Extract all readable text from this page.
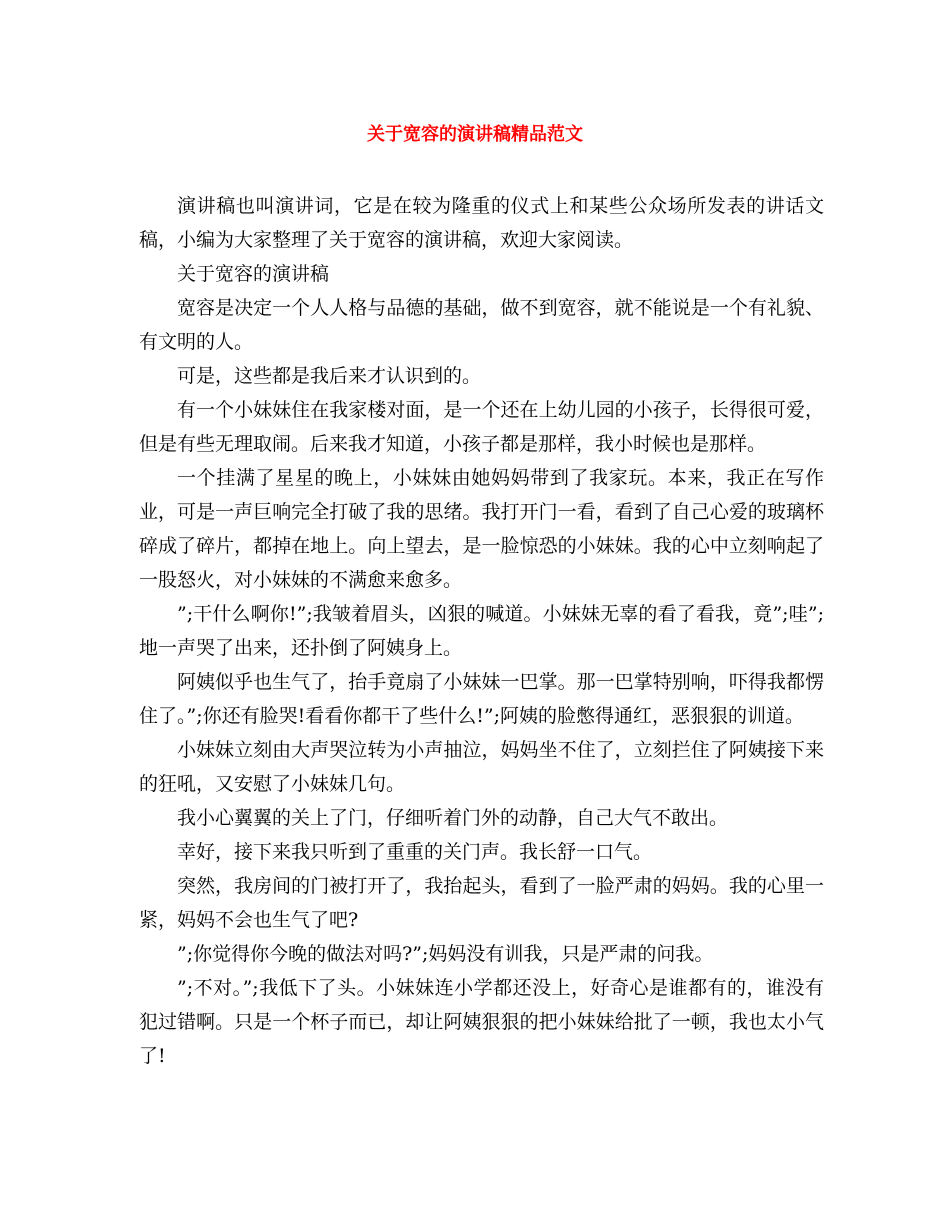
关于宽容的演讲稿精品范文

演讲稿也叫演讲词，它是在较为隆重的仪式上和某些公众场所发表的讲话文稿，小编为大家整理了关于宽容的演讲稿，欢迎大家阅读。

关于宽容的演讲稿

宽容是决定一个人人格与品德的基础，做不到宽容，就不能说是一个有礼貌、有文明的人。

可是，这些都是我后来才认识到的。

有一个小妹妹住在我家楼对面，是一个还在上幼儿园的小孩子，长得很可爱，但是有些无理取闹。后来我才知道，小孩子都是那样，我小时候也是那样。

一个挂满了星星的晚上，小妹妹由她妈妈带到了我家玩。本来，我正在写作业，可是一声巨响完全打破了我的思绪。我打开门一看，看到了自己心爱的玻璃杯碎成了碎片，都掉在地上。向上望去，是一脸惊恐的小妹妹。我的心中立刻响起了一股怒火，对小妹妹的不满愈来愈多。

”;干什么啊你!”;我皱着眉头，凶狠的喊道。小妹妹无辜的看了看我，竟”;哇”;地一声哭了出来，还扑倒了阿姨身上。

阿姨似乎也生气了，抬手竟扇了小妹妹一巴掌。那一巴掌特别响，吓得我都愣住了。”;你还有脸哭!看看你都干了些什么!”;阿姨的脸憋得通红，恶狠狠的训道。

小妹妹立刻由大声哭泣转为小声抽泣，妈妈坐不住了，立刻拦住了阿姨接下来的狂吼，又安慰了小妹妹几句。

我小心翼翼的关上了门，仔细听着门外的动静，自己大气不敢出。

幸好，接下来我只听到了重重的关门声。我长舒一口气。

突然，我房间的门被打开了，我抬起头，看到了一脸严肃的妈妈。我的心里一紧，妈妈不会也生气了吧?

”;你觉得你今晚的做法对吗?”;妈妈没有训我，只是严肃的问我。

”;不对。”;我低下了头。小妹妹连小学都还没上，好奇心是谁都有的，谁没有犯过错啊。只是一个杯子而已，却让阿姨狠狠的把小妹妹给批了一顿，我也太小气了!
